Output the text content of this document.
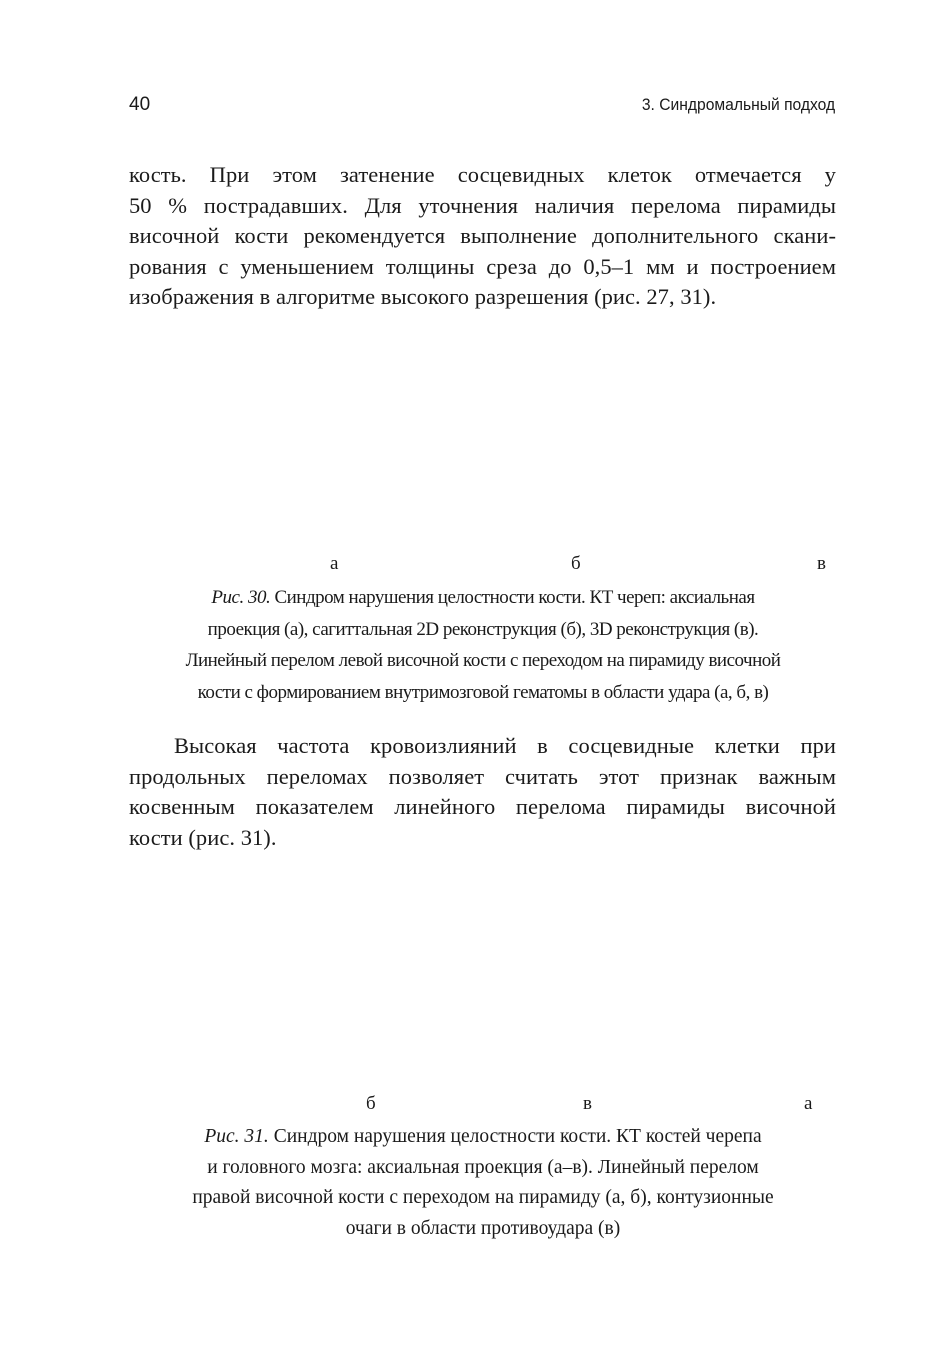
40	3. Синдромальный подход
кость. При этом затенение сосцевидных клеток отмечается у
50 % пострадавших. Для уточнения наличия перелома пирамиды
височной кости рекомендуется выполнение дополнительного скани-
рования с уменьшением толщины среза до 0,5–1 мм и построением
изображения в алгоритме высокого разрешения (рис. 27, 31).
а	б	в
Рис. 30. Синдром нарушения целостности кости. КТ череп: аксиальная
проекция (а), сагиттальная 2D реконструкция (б), 3D реконструкция (в).
Линейный перелом левой височной кости с переходом на пирамиду височной
кости с формированием внутримозговой гематомы в области удара (а, б, в)
Высокая частота кровоизлияний в сосцевидные клетки при
продольных переломах позволяет считать этот признак важным
косвенным показателем линейного перелома пирамиды височной
кости (рис. 31).
б	в	а
Рис. 31. Синдром нарушения целостности кости. КТ костей черепа
и головного мозга: аксиальная проекция (а–в). Линейный перелом
правой височной кости с переходом на пирамиду (а, б), контузионные
очаги в области противоудара (в)
